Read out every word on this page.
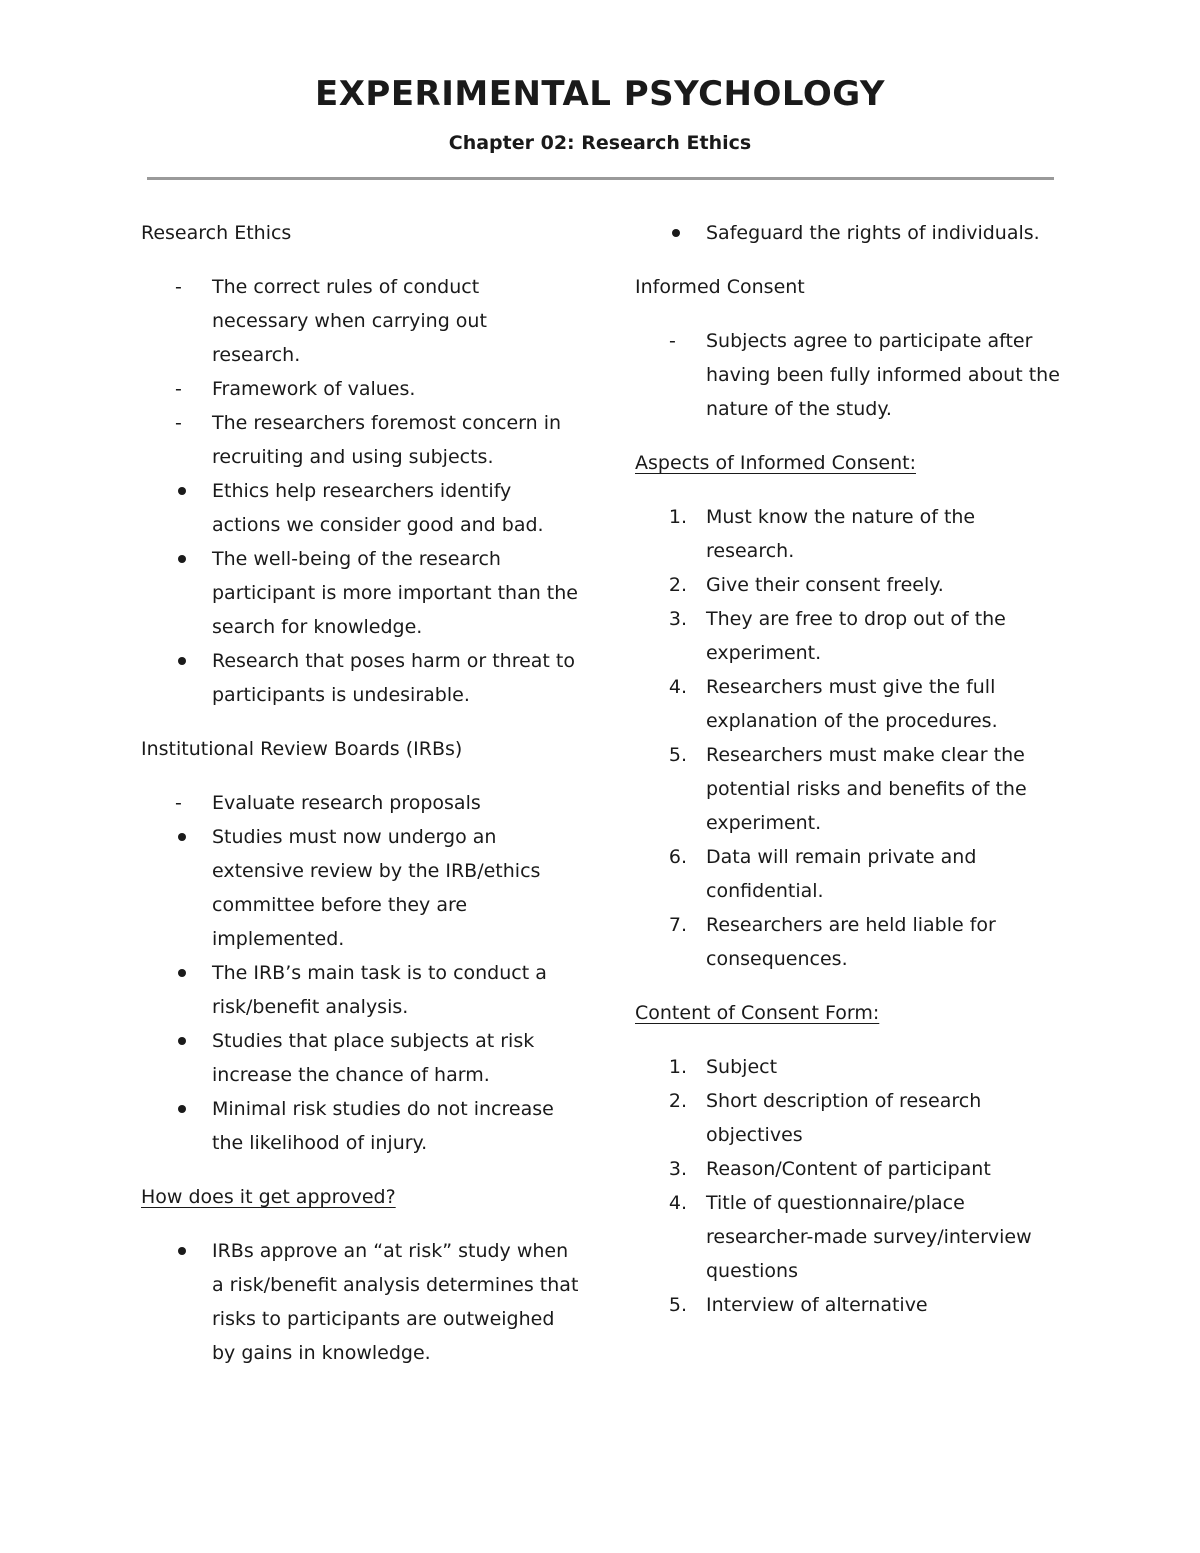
EXPERIMENTAL PSYCHOLOGY
Chapter 02: Research Ethics

Research Ethics

-	The correct rules of conduct necessary when carrying out research.
-	Framework of values.
-	The researchers foremost concern in recruiting and using subjects.
Ethics help researchers identify actions we consider good and bad.
The well-being of the research participant is more important than the search for knowledge.
Research that poses harm or threat to participants is undesirable.

Institutional Review Boards (IRBs)

-	Evaluate research proposals
Studies must now undergo an extensive review by the IRB/ethics committee before they are implemented.
The IRB’s main task is to conduct a risk/benefit analysis.
Studies that place subjects at risk increase the chance of harm.
Minimal risk studies do not increase the likelihood of injury.

How does it get approved?

IRBs approve an “at risk” study when a risk/benefit analysis determines that risks to participants are outweighed by gains in knowledge.
Safeguard the rights of individuals.

Informed Consent

-	Subjects agree to participate after having been fully informed about the nature of the study.

Aspects of Informed Consent:

1. Must know the nature of the research.
2. Give their consent freely.
3. They are free to drop out of the experiment.
4. Researchers must give the full explanation of the procedures.
5. Researchers must make clear the potential risks and benefits of the experiment.
6. Data will remain private and confidential.
7. Researchers are held liable for consequences.

Content of Consent Form:

1. Subject
2. Short description of research objectives
3. Reason/Content of participant
4. Title of questionnaire/place researcher-made survey/interview questions
5. Interview of alternative
